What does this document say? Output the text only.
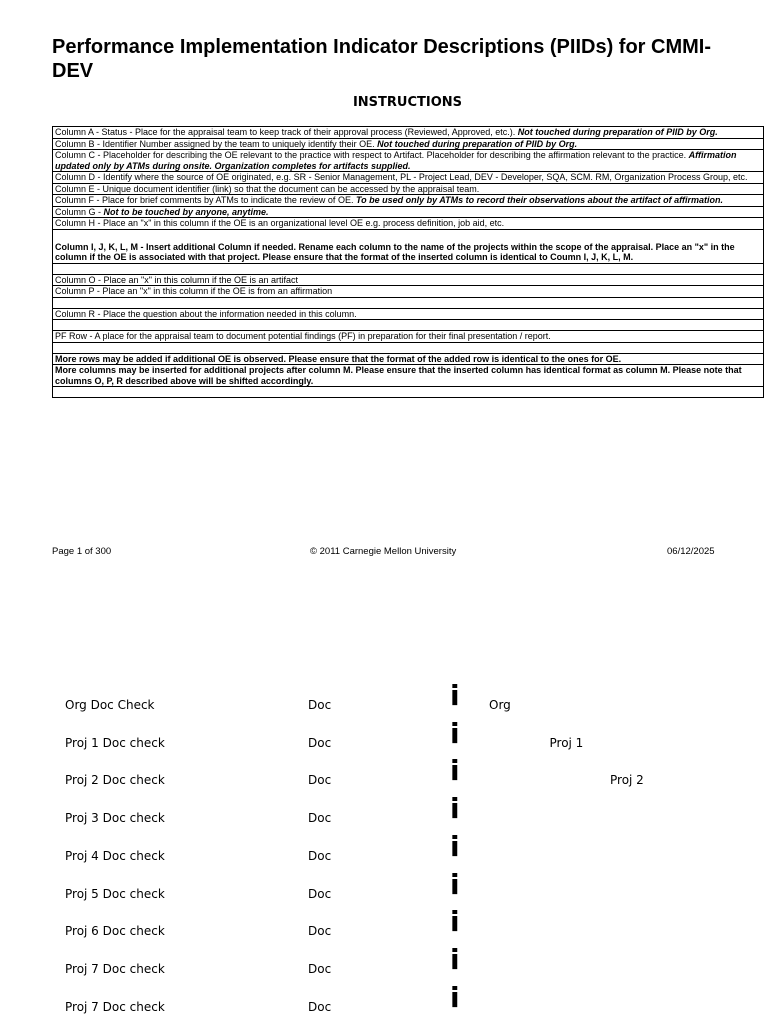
Performance Implementation Indicator Descriptions (PIIDs) for CMMI-DEV
INSTRUCTIONS
Column A - Status - Place for the appraisal team to keep track of their approval process (Reviewed, Approved, etc.). Not touched during preparation of PIID by Org.
Column B - Identifier Number assigned by the team to uniquely identify their OE. Not touched during preparation of PIID by Org.
Column C - Placeholder for describing the OE relevant to the practice with respect to Artifact. Placeholder for describing the affirmation relevant to the practice. Affirmation updated only by ATMs during onsite. Organization completes for artifacts supplied.
Column D - Identify where the source of OE originated, e.g. SR - Senior Management, PL - Project Lead, DEV - Developer, SQA, SCM. RM, Organization Process Group, etc.
Column E - Unique document identifier (link) so that the document can be accessed by the appraisal team.
Column F - Place for brief comments by ATMs to indicate the review of OE. To be used only by ATMs to record their observations about the artifact of affirmation.
Column G - Not to be touched by anyone, anytime.
Column H - Place an "x" in this column if the OE is an organizational level OE e.g. process definition, job aid, etc.
Column I, J, K, L, M - Insert additional Column if needed. Rename each column to the name of the projects within the scope of the appraisal. Place an "x" in the column if the OE is associated with that project. Please ensure that the format of the inserted column is identical to Coumn I, J, K, L, M.

Column O - Place an "x" in this column if the OE is an artifact
Column P - Place an "x" in this column if the OE is from an affirmation

Column R - Place the question about the information needed in this column.

PF Row - A place for the appraisal team to document potential findings (PF) in preparation for their final presentation / report.

More rows may be added if additional OE is observed. Please ensure that the format of the added row is identical to the ones for OE.
More columns may be inserted for additional projects after column M. Please ensure that the inserted column has identical format as column M. Please note that columns O, P, R described above will be shifted accordingly.

Page 1 of 300	© 2011 Carnegie Mellon University	06/12/2025
Org Doc Check	Doc	i Org
Proj 1 Doc check	Doc	i	Proj 1
Proj 2 Doc check	Doc	i	Proj 2
Proj 3 Doc check	Doc	i
Proj 4 Doc check	Doc	i
Proj 5 Doc check	Doc	i
Proj 6 Doc check	Doc	i
Proj 7 Doc check	Doc	i
Proj 7 Doc check	Doc	i
